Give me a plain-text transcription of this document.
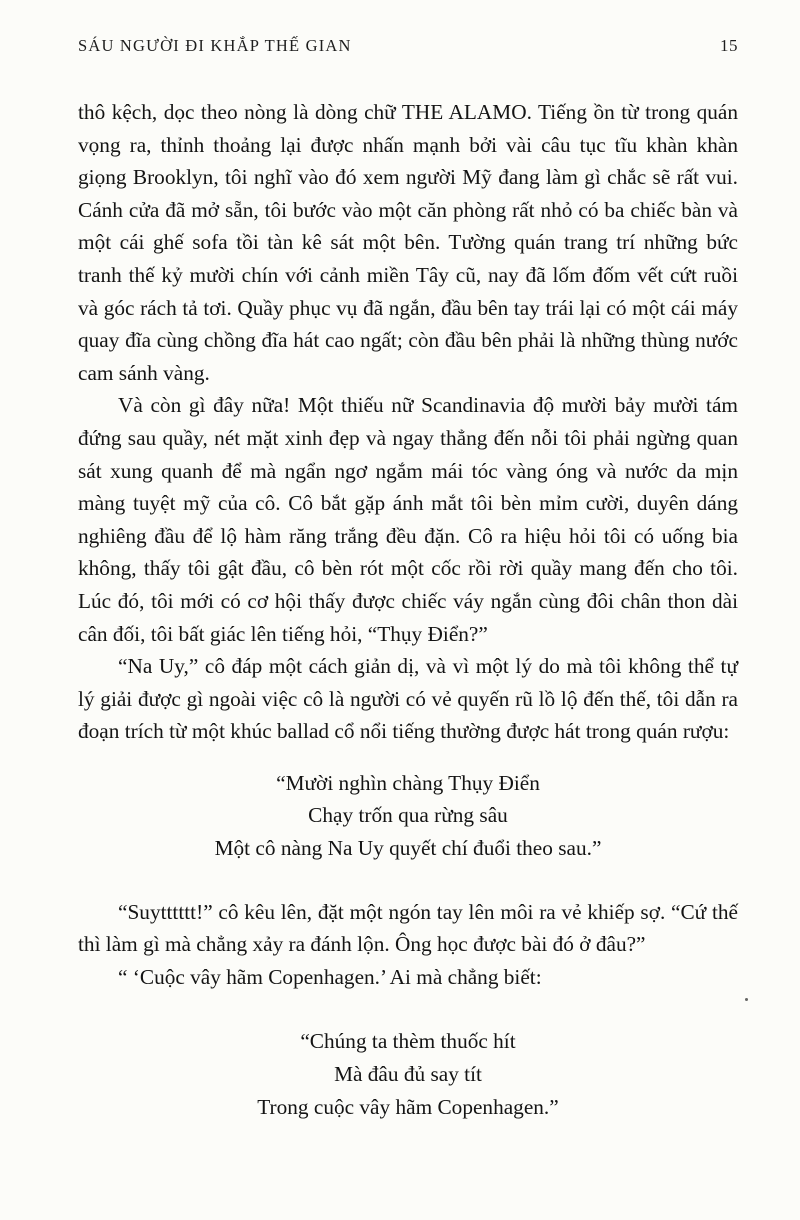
SÁU NGƯỜI ĐI KHẮP THẾ GIAN	15

thô kệch, dọc theo nòng là dòng chữ THE ALAMO. Tiếng ồn từ trong quán vọng ra, thỉnh thoảng lại được nhấn mạnh bởi vài câu tục tĩu khàn khàn giọng Brooklyn, tôi nghĩ vào đó xem người Mỹ đang làm gì chắc sẽ rất vui. Cánh cửa đã mở sẵn, tôi bước vào một căn phòng rất nhỏ có ba chiếc bàn và một cái ghế sofa tồi tàn kê sát một bên. Tường quán trang trí những bức tranh thế kỷ mười chín với cảnh miền Tây cũ, nay đã lốm đốm vết cứt ruồi và góc rách tả tơi. Quầy phục vụ đã ngắn, đầu bên tay trái lại có một cái máy quay đĩa cùng chồng đĩa hát cao ngất; còn đầu bên phải là những thùng nước cam sánh vàng.

Và còn gì đây nữa! Một thiếu nữ Scandinavia độ mười bảy mười tám đứng sau quầy, nét mặt xinh đẹp và ngay thẳng đến nỗi tôi phải ngừng quan sát xung quanh để mà ngẩn ngơ ngắm mái tóc vàng óng và nước da mịn màng tuyệt mỹ của cô. Cô bắt gặp ánh mắt tôi bèn mỉm cười, duyên dáng nghiêng đầu để lộ hàm răng trắng đều đặn. Cô ra hiệu hỏi tôi có uống bia không, thấy tôi gật đầu, cô bèn rót một cốc rồi rời quầy mang đến cho tôi. Lúc đó, tôi mới có cơ hội thấy được chiếc váy ngắn cùng đôi chân thon dài cân đối, tôi bất giác lên tiếng hỏi, “Thụy Điển?”

“Na Uy,” cô đáp một cách giản dị, và vì một lý do mà tôi không thể tự lý giải được gì ngoài việc cô là người có vẻ quyến rũ lồ lộ đến thế, tôi dẫn ra đoạn trích từ một khúc ballad cổ nổi tiếng thường được hát trong quán rượu:

“Mười nghìn chàng Thụy Điển
Chạy trốn qua rừng sâu
Một cô nàng Na Uy quyết chí đuổi theo sau.”

“Suytttttt!” cô kêu lên, đặt một ngón tay lên môi ra vẻ khiếp sợ. “Cứ thế thì làm gì mà chẳng xảy ra đánh lộn. Ông học được bài đó ở đâu?”

“ ‘Cuộc vây hãm Copenhagen.’ Ai mà chẳng biết:

“Chúng ta thèm thuốc hít
Mà đâu đủ say tít
Trong cuộc vây hãm Copenhagen.”
